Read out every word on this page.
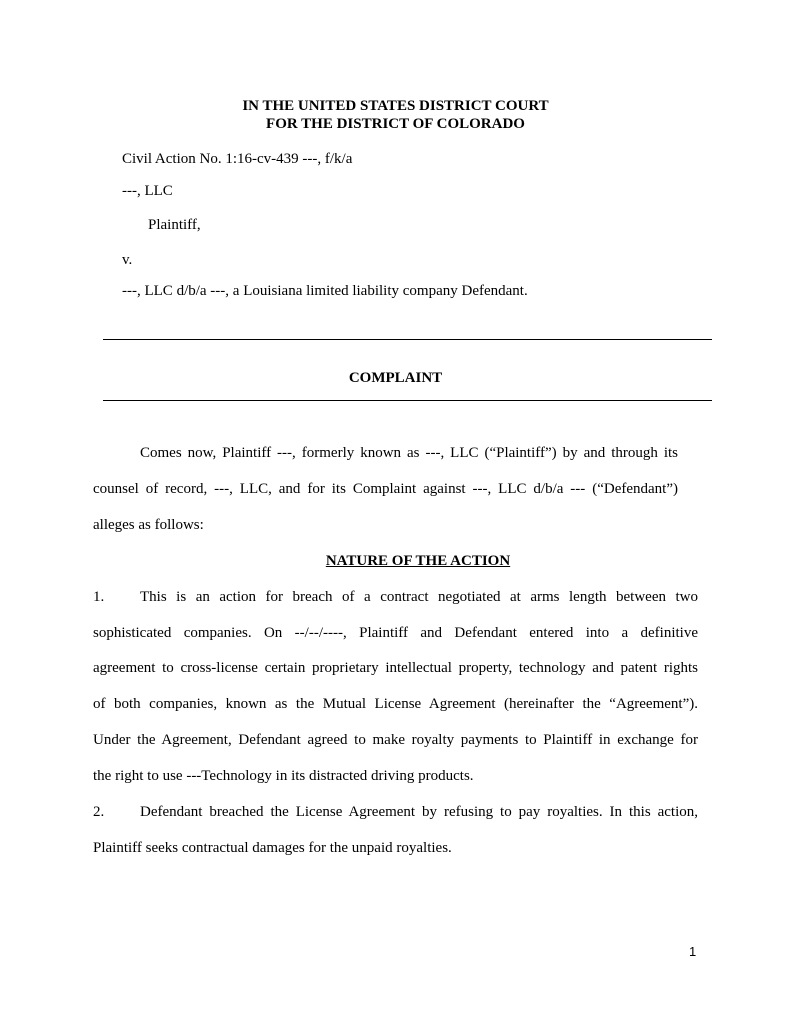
IN THE UNITED STATES DISTRICT COURT
FOR THE DISTRICT OF COLORADO
Civil Action No. 1:16-cv-439 ---, f/k/a
---, LLC
Plaintiff,
v.
---, LLC d/b/a ---, a Louisiana limited liability company Defendant.
COMPLAINT
Comes now, Plaintiff ---, formerly known as ---, LLC (“Plaintiff”) by and through its
counsel of record, ---, LLC, and for its Complaint against ---, LLC d/b/a --- (“Defendant”)
alleges as follows:
NATURE OF THE ACTION
1. This is an action for breach of a contract negotiated at arms length between two
sophisticated companies. On --/--/----, Plaintiff and Defendant entered into a definitive
agreement to cross-license certain proprietary intellectual property, technology and patent rights
of both companies, known as the Mutual License Agreement (hereinafter the “Agreement”).
Under the Agreement, Defendant agreed to make royalty payments to Plaintiff in exchange for
the right to use ---Technology in its distracted driving products.
2. Defendant breached the License Agreement by refusing to pay royalties. In this action,
Plaintiff seeks contractual damages for the unpaid royalties.
1
